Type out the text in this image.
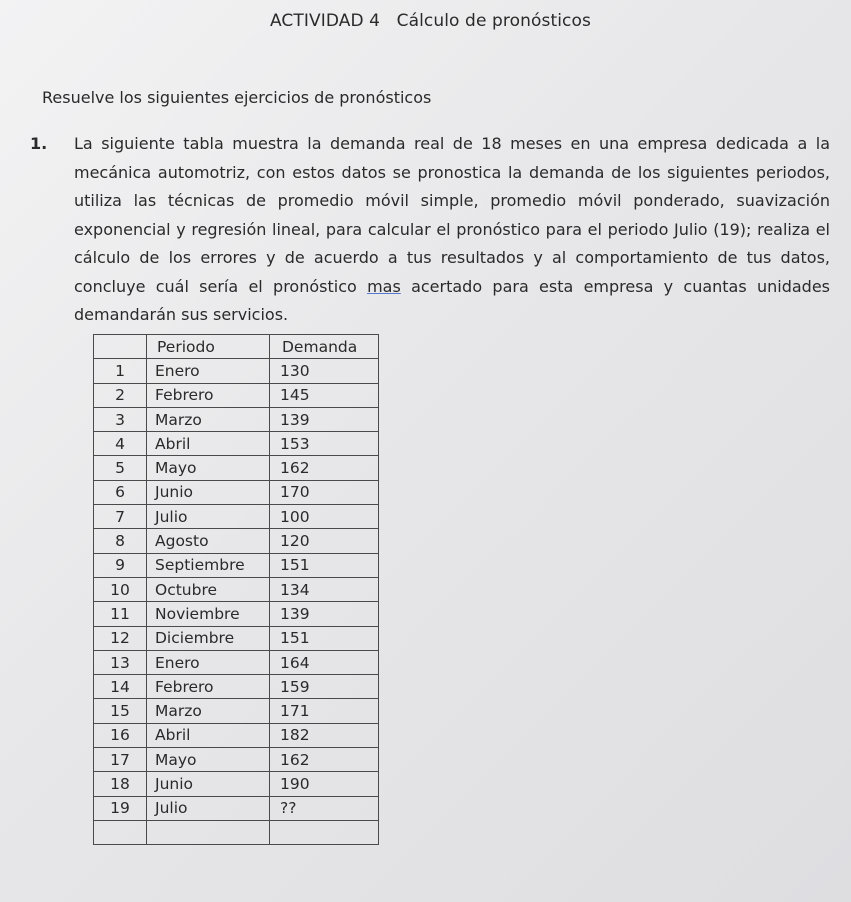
ACTIVIDAD 4 Cálculo de pronósticos
Resuelve los siguientes ejercicios de pronósticos
1. La siguiente tabla muestra la demanda real de 18 meses en una empresa dedicada a la mecánica automotriz, con estos datos se pronostica la demanda de los siguientes periodos, utiliza las técnicas de promedio móvil simple, promedio móvil ponderado, suavización exponencial y regresión lineal, para calcular el pronóstico para el periodo Julio (19); realiza el cálculo de los errores y de acuerdo a tus resultados y al comportamiento de tus datos, concluye cuál sería el pronóstico mas acertado para esta empresa y cuantas unidades demandarán sus servicios.
	Periodo	Demanda
1	Enero	130
2	Febrero	145
3	Marzo	139
4	Abril	153
5	Mayo	162
6	Junio	170
7	Julio	100
8	Agosto	120
9	Septiembre	151
10	Octubre	134
11	Noviembre	139
12	Diciembre	151
13	Enero	164
14	Febrero	159
15	Marzo	171
16	Abril	182
17	Mayo	162
18	Junio	190
19	Julio	??
